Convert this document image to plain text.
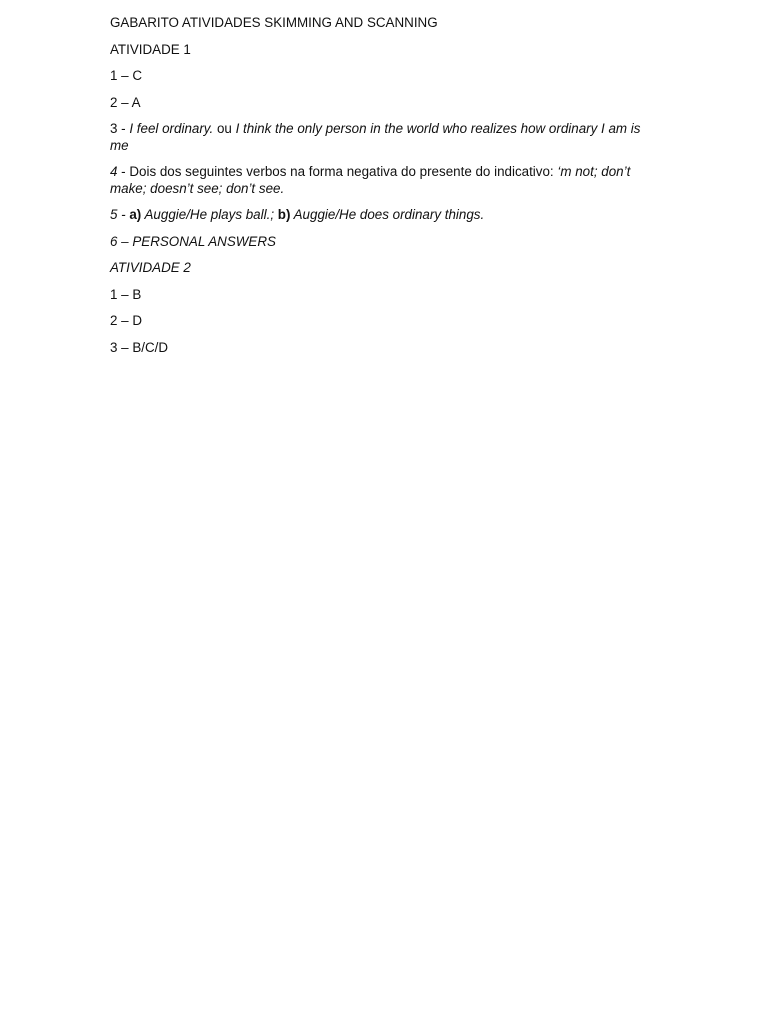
GABARITO ATIVIDADES SKIMMING AND SCANNING
ATIVIDADE 1
1 – C
2 – A
3 - I feel ordinary. ou I think the only person in the world who realizes how ordinary I am is me
4 - Dois dos seguintes verbos na forma negativa do presente do indicativo: ‘m not; don’t make; doesn’t see; don’t see.
5 - a) Auggie/He plays ball.; b) Auggie/He does ordinary things.
6 – PERSONAL ANSWERS
ATIVIDADE 2
1 – B
2 – D
3 – B/C/D
